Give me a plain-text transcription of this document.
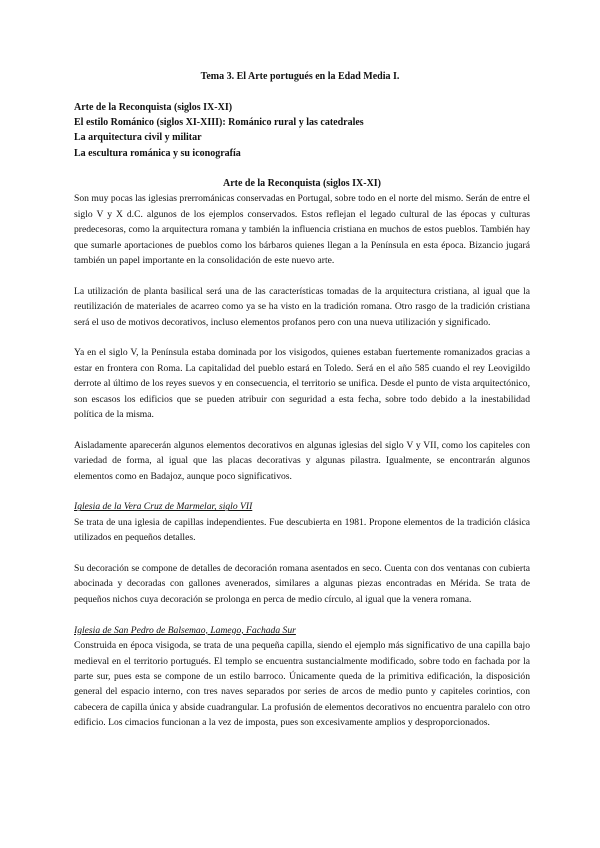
Tema 3. El Arte portugués en la Edad Media I.
Arte de la Reconquista (siglos IX-XI)
El estilo Románico (siglos XI-XIII): Románico rural y las catedrales
La arquitectura civil y militar
La escultura románica y su iconografía

Arte de la Reconquista (siglos IX-XI)

Son muy pocas las iglesias prerrománicas conservadas en Portugal, sobre todo en el norte del mismo. Serán de entre el siglo V y X d.C. algunos de los ejemplos conservados. Estos reflejan el legado cultural de las épocas y culturas predecesoras, como la arquitectura romana y también la influencia cristiana en muchos de estos pueblos. También hay que sumarle aportaciones de pueblos como los bárbaros quienes llegan a la Península en esta época. Bizancio jugará también un papel importante en la consolidación de este nuevo arte.

La utilización de planta basilical será una de las características tomadas de la arquitectura cristiana, al igual que la reutilización de materiales de acarreo como ya se ha visto en la tradición romana. Otro rasgo de la tradición cristiana será el uso de motivos decorativos, incluso elementos profanos pero con una nueva utilización y significado.

Ya en el siglo V, la Península estaba dominada por los visigodos, quienes estaban fuertemente romanizados gracias a estar en frontera con Roma. La capitalidad del pueblo estará en Toledo. Será en el año 585 cuando el rey Leovigildo derrote al último de los reyes suevos y en consecuencia, el territorio se unifica. Desde el punto de vista arquitectónico, son escasos los edificios que se pueden atribuir con seguridad a esta fecha, sobre todo debido a la inestabilidad política de la misma.

Aisladamente aparecerán algunos elementos decorativos en algunas iglesias del siglo V y VII, como los capiteles con variedad de forma, al igual que las placas decorativas y algunas pilastra. Igualmente, se encontrarán algunos elementos como en Badajoz, aunque poco significativos.

Iglesia de la Vera Cruz de Marmelar, siglo VII

Se trata de una iglesia de capillas independientes. Fue descubierta en 1981. Propone elementos de la tradición clásica utilizados en pequeños detalles.

Su decoración se compone de detalles de decoración romana asentados en seco. Cuenta con dos ventanas con cubierta abocinada y decoradas con gallones avenerados, similares a algunas piezas encontradas en Mérida. Se trata de pequeños nichos cuya decoración se prolonga en perca de medio círculo, al igual que la venera romana.

Iglesia de San Pedro de Balsemao, Lamego, Fachada Sur

Construida en época visigoda, se trata de una pequeña capilla, siendo el ejemplo más significativo de una capilla bajo medieval en el territorio portugués. El templo se encuentra sustancialmente modificado, sobre todo en fachada por la parte sur, pues esta se compone de un estilo barroco. Únicamente queda de la primitiva edificación, la disposición general del espacio interno, con tres naves separados por series de arcos de medio punto y capiteles corintios, con cabecera de capilla única y abside cuadrangular. La profusión de elementos decorativos no encuentra paralelo con otro edificio. Los cimacios funcionan a la vez de imposta, pues son excesivamente amplios y desproporcionados.
